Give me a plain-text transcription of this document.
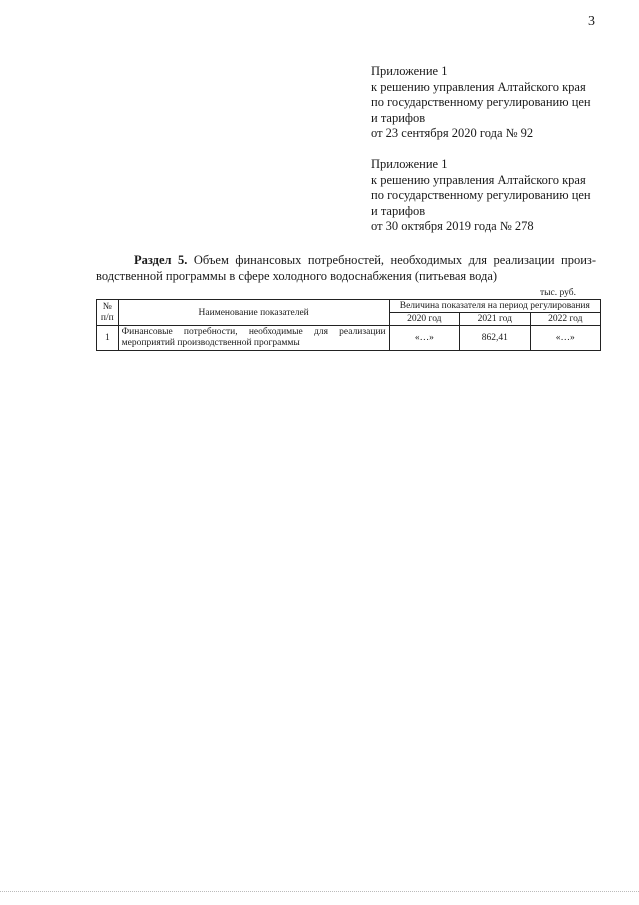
3
Приложение 1
к решению управления Алтайского края
по государственному регулированию цен
и тарифов
от 23 сентября 2020 года № 92
Приложение 1
к решению управления Алтайского края
по государственному регулированию цен
и тарифов
от 30 октября 2019 года № 278
Раздел 5. Объем финансовых потребностей, необходимых для реализации произ-
водственной программы в сфере холодного водоснабжения (питьевая вода)
тыс. руб.
№ п/п	Наименование показателей	Величина показателя на период регулирования		
		2020 год	2021 год	2022 год
1	Финансовые потребности, необходимые для реализации мероприятий производственной программы	«…»	862,41	«…»
